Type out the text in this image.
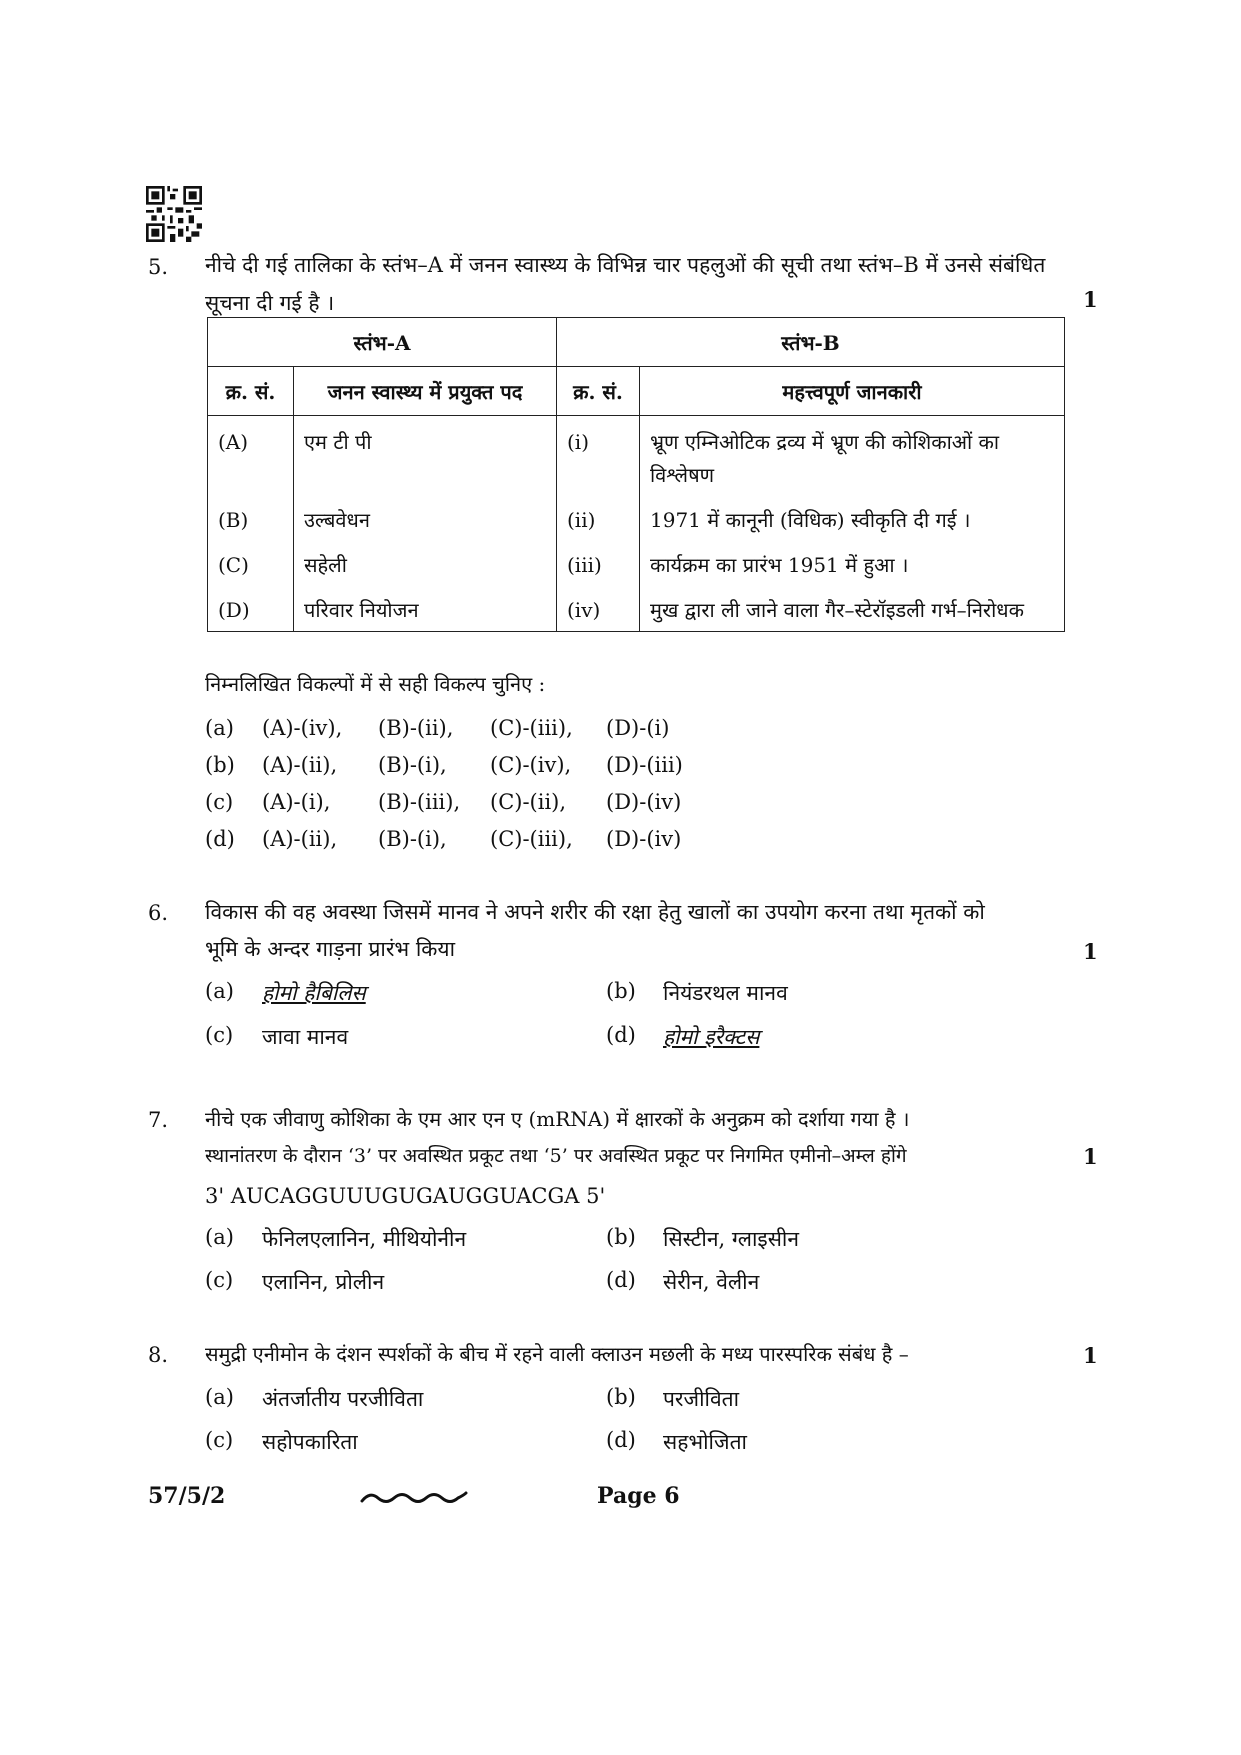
5. नीचे दी गई तालिका के स्तंभ–A में जनन स्वास्थ्य के विभिन्न चार पहलुओं की सूची तथा स्तंभ–B में उनसे संबंधित सूचना दी गई है ।	1
स्तंभ-A		स्तंभ-B	
क्र. सं.	जनन स्वास्थ्य में प्रयुक्त पद	क्र. सं.	महत्त्वपूर्ण जानकारी
(A)	एम टी पी	(i)	भ्रूण एम्निओटिक द्रव्य में भ्रूण की कोशिकाओं का विश्लेषण
(B)	उल्बवेधन	(ii)	1971 में कानूनी (विधिक) स्वीकृति दी गई ।
(C)	सहेली	(iii)	कार्यक्रम का प्रारंभ 1951 में हुआ ।
(D)	परिवार नियोजन	(iv)	मुख द्वारा ली जाने वाला गैर–स्टेरॉइडली गर्भ–निरोधक
निम्नलिखित विकल्पों में से सही विकल्प चुनिए :
(a) (A)-(iv), (B)-(ii), (C)-(iii), (D)-(i)
(b) (A)-(ii), (B)-(i), (C)-(iv), (D)-(iii)
(c) (A)-(i), (B)-(iii), (C)-(ii), (D)-(iv)
(d) (A)-(ii), (B)-(i), (C)-(iii), (D)-(iv)
6. विकास की वह अवस्था जिसमें मानव ने अपने शरीर की रक्षा हेतु खालों का उपयोग करना तथा मृतकों को
भूमि के अन्दर गाड़ना प्रारंभ किया	1
(a) होमो हैबिलिस	(b) नियंडरथल मानव
(c) जावा मानव	(d) होमो इरैक्टस
7. नीचे एक जीवाणु कोशिका के एम आर एन ए (mRNA) में क्षारकों के अनुक्रम को दर्शाया गया है ।
स्थानांतरण के दौरान ‘3’ पर अवस्थित प्रकूट तथा ‘5’ पर अवस्थित प्रकूट पर निगमित एमीनो–अम्ल होंगे	1
3' AUCAGGUUUGUGAUGGUACGA 5'
(a) फेनिलएलानिन, मीथियोनीन	(b) सिस्टीन, ग्लाइसीन
(c) एलानिन, प्रोलीन	(d) सेरीन, वेलीन
8. समुद्री एनीमोन के दंशन स्पर्शकों के बीच में रहने वाली क्लाउन मछली के मध्य पारस्परिक संबंध है –	1
(a) अंतर्जातीय परजीविता	(b) परजीविता
(c) सहोपकारिता	(d) सहभोजिता
57/5/2	Page 6
